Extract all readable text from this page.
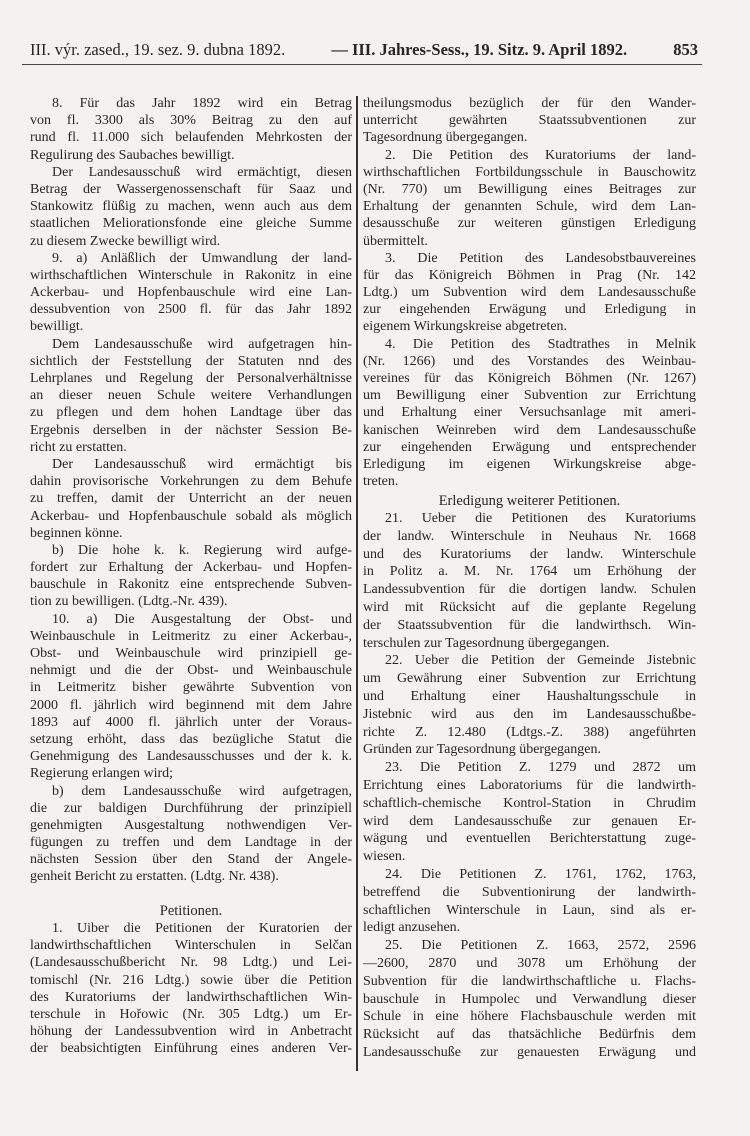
III. výr. zased., 19. sez. 9. dubna 1892.	— III. Jahres-Sess., 19. Sitz. 9. April 1892.	853
8. Für das Jahr 1892 wird ein Betrag
von fl. 3300 als 30% Beitrag zu den auf
rund fl. 11.000 sich belaufenden Mehrkosten der
Regulirung des Saubaches bewilligt.
Der Landesausschuß wird ermächtigt, diesen
Betrag der Wassergenossenschaft für Saaz und
Stankowitz flüßig zu machen, wenn auch aus dem
staatlichen Meliorationsfonde eine gleiche Summe
zu diesem Zwecke bewilligt wird.
9. a) Anläßlich der Umwandlung der land-
wirthschaftlichen Winterschule in Rakonitz in eine
Ackerbau- und Hopfenbauschule wird eine Lan-
dessubvention von 2500 fl. für das Jahr 1892
bewilligt.
Dem Landesausschuße wird aufgetragen hin-
sichtlich der Feststellung der Statuten nnd des
Lehrplanes und Regelung der Personalverhältnisse
an dieser neuen Schule weitere Verhandlungen
zu pflegen und dem hohen Landtage über das
Ergebnis derselben in der nächster Session Be-
richt zu erstatten.
Der Landesausschuß wird ermächtigt bis
dahin provisorische Vorkehrungen zu dem Behufe
zu treffen, damit der Unterricht an der neuen
Ackerbau- und Hopfenbauschule sobald als möglich
beginnen könne.
b) Die hohe k. k. Regierung wird aufge-
fordert zur Erhaltung der Ackerbau- und Hopfen-
bauschule in Rakonitz eine entsprechende Subven-
tion zu bewilligen. (Ldtg.-Nr. 439).
10. a) Die Ausgestaltung der Obst- und
Weinbauschule in Leitmeritz zu einer Ackerbau-,
Obst- und Weinbauschule wird prinzipiell ge-
nehmigt und die der Obst- und Weinbauschule
in Leitmeritz bisher gewährte Subvention von
2000 fl. jährlich wird beginnend mit dem Jahre
1893 auf 4000 fl. jährlich unter der Voraus-
setzung erhöht, dass das bezügliche Statut die
Genehmigung des Landesausschusses und der k. k.
Regierung erlangen wird;
b) dem Landesausschuße wird aufgetragen,
die zur baldigen Durchführung der prinzipiell
genehmigten Ausgestaltung nothwendigen Ver-
fügungen zu treffen und dem Landtage in der
nächsten Session über den Stand der Angele-
genheit Bericht zu erstatten. (Ldtg. Nr. 438).
Petitionen.
1. Uiber die Petitionen der Kuratorien der
landwirthschaftlichen Winterschulen in Selčan
(Landesausschußbericht Nr. 98 Ldtg.) und Lei-
tomischl (Nr. 216 Ldtg.) sowie über die Petition
des Kuratoriums der landwirthschaftlichen Win-
terschule in Hořowic (Nr. 305 Ldtg.) um Er-
höhung der Landessubvention wird in Anbetracht
der beabsichtigten Einführung eines anderen Ver-
theilungsmodus bezüglich der für den Wander-
unterricht gewährten Staatssubventionen zur
Tagesordnung übergegangen.
2. Die Petition des Kuratoriums der land-
wirthschaftlichen Fortbildungsschule in Bauschowitz
(Nr. 770) um Bewilligung eines Beitrages zur
Erhaltung der genannten Schule, wird dem Lan-
desausschuße zur weiteren günstigen Erledigung
übermittelt.
3. Die Petition des Landesobstbauvereines
für das Königreich Böhmen in Prag (Nr. 142
Ldtg.) um Subvention wird dem Landesausschuße
zur eingehenden Erwägung und Erledigung in
eigenem Wirkungskreise abgetreten.
4. Die Petition des Stadtrathes in Melnik
(Nr. 1266) und des Vorstandes des Weinbau-
vereines für das Königreich Böhmen (Nr. 1267)
um Bewilligung einer Subvention zur Errichtung
und Erhaltung einer Versuchsanlage mit ameri-
kanischen Weinreben wird dem Landesausschuße
zur eingehenden Erwägung und entsprechender
Erledigung im eigenen Wirkungskreise abge-
treten.
Erledigung weiterer Petitionen.
21. Ueber die Petitionen des Kuratoriums
der landw. Winterschule in Neuhaus Nr. 1668
und des Kuratoriums der landw. Winterschule
in Politz a. M. Nr. 1764 um Erhöhung der
Landessubvention für die dortigen landw. Schulen
wird mit Rücksicht auf die geplante Regelung
der Staatssubvention für die landwirthsch. Win-
terschulen zur Tagesordnung übergegangen.
22. Ueber die Petition der Gemeinde Jistebnic
um Gewährung einer Subvention zur Errichtung
und Erhaltung einer Haushaltungsschule in
Jistebnic wird aus den im Landesausschußbe-
richte Z. 12.480 (Ldtgs.-Z. 388) angeführten
Gründen zur Tagesordnung übergegangen.
23. Die Petition Z. 1279 und 2872 um
Errichtung eines Laboratoriums für die landwirth-
schaftlich-chemische Kontrol-Station in Chrudim
wird dem Landesausschuße zur genauen Er-
wägung und eventuellen Berichterstattung zuge-
wiesen.
24. Die Petitionen Z. 1761, 1762, 1763,
betreffend die Subventionirung der landwirth-
schaftlichen Winterschule in Laun, sind als er-
ledigt anzusehen.
25. Die Petitionen Z. 1663, 2572, 2596
—2600, 2870 und 3078 um Erhöhung der
Subvention für die landwirthschaftliche u. Flachs-
bauschule in Humpolec und Verwandlung dieser
Schule in eine höhere Flachsbauschule werden mit
Rücksicht auf das thatsächliche Bedürfnis dem
Landesausschuße zur genauesten Erwägung und
